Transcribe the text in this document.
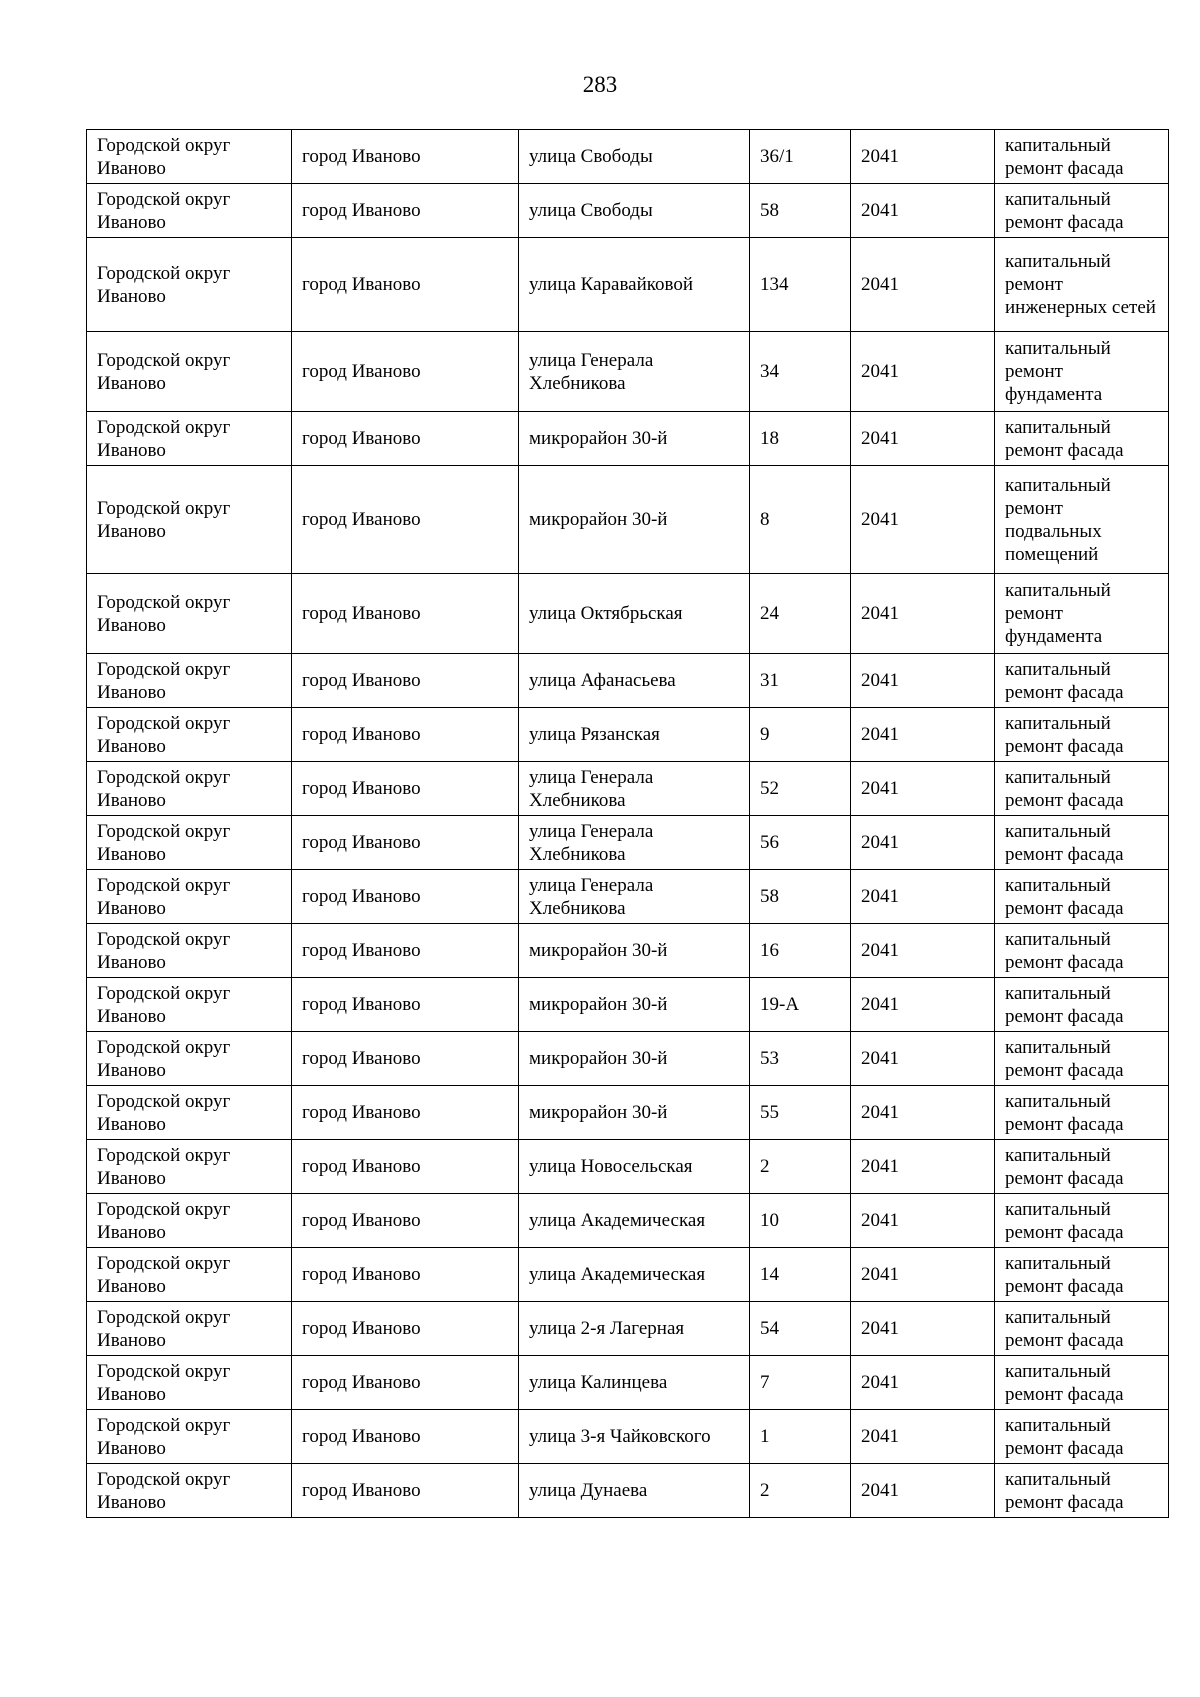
283
Городской округ Иваново	город Иваново	улица Свободы	36/1	2041	капитальный ремонт фасада
Городской округ Иваново	город Иваново	улица Свободы	58	2041	капитальный ремонт фасада
Городской округ Иваново	город Иваново	улица Каравайковой	134	2041	капитальный ремонт инженерных сетей
Городской округ Иваново	город Иваново	улица Генерала Хлебникова	34	2041	капитальный ремонт фундамента
Городской округ Иваново	город Иваново	микрорайон 30-й	18	2041	капитальный ремонт фасада
Городской округ Иваново	город Иваново	микрорайон 30-й	8	2041	капитальный ремонт подвальных помещений
Городской округ Иваново	город Иваново	улица Октябрьская	24	2041	капитальный ремонт фундамента
Городской округ Иваново	город Иваново	улица Афанасьева	31	2041	капитальный ремонт фасада
Городской округ Иваново	город Иваново	улица Рязанская	9	2041	капитальный ремонт фасада
Городской округ Иваново	город Иваново	улица Генерала Хлебникова	52	2041	капитальный ремонт фасада
Городской округ Иваново	город Иваново	улица Генерала Хлебникова	56	2041	капитальный ремонт фасада
Городской округ Иваново	город Иваново	улица Генерала Хлебникова	58	2041	капитальный ремонт фасада
Городской округ Иваново	город Иваново	микрорайон 30-й	16	2041	капитальный ремонт фасада
Городской округ Иваново	город Иваново	микрорайон 30-й	19-А	2041	капитальный ремонт фасада
Городской округ Иваново	город Иваново	микрорайон 30-й	53	2041	капитальный ремонт фасада
Городской округ Иваново	город Иваново	микрорайон 30-й	55	2041	капитальный ремонт фасада
Городской округ Иваново	город Иваново	улица Новосельская	2	2041	капитальный ремонт фасада
Городской округ Иваново	город Иваново	улица Академическая	10	2041	капитальный ремонт фасада
Городской округ Иваново	город Иваново	улица Академическая	14	2041	капитальный ремонт фасада
Городской округ Иваново	город Иваново	улица 2-я Лагерная	54	2041	капитальный ремонт фасада
Городской округ Иваново	город Иваново	улица Калинцева	7	2041	капитальный ремонт фасада
Городской округ Иваново	город Иваново	улица 3-я Чайковского	1	2041	капитальный ремонт фасада
Городской округ Иваново	город Иваново	улица Дунаева	2	2041	капитальный ремонт фасада
